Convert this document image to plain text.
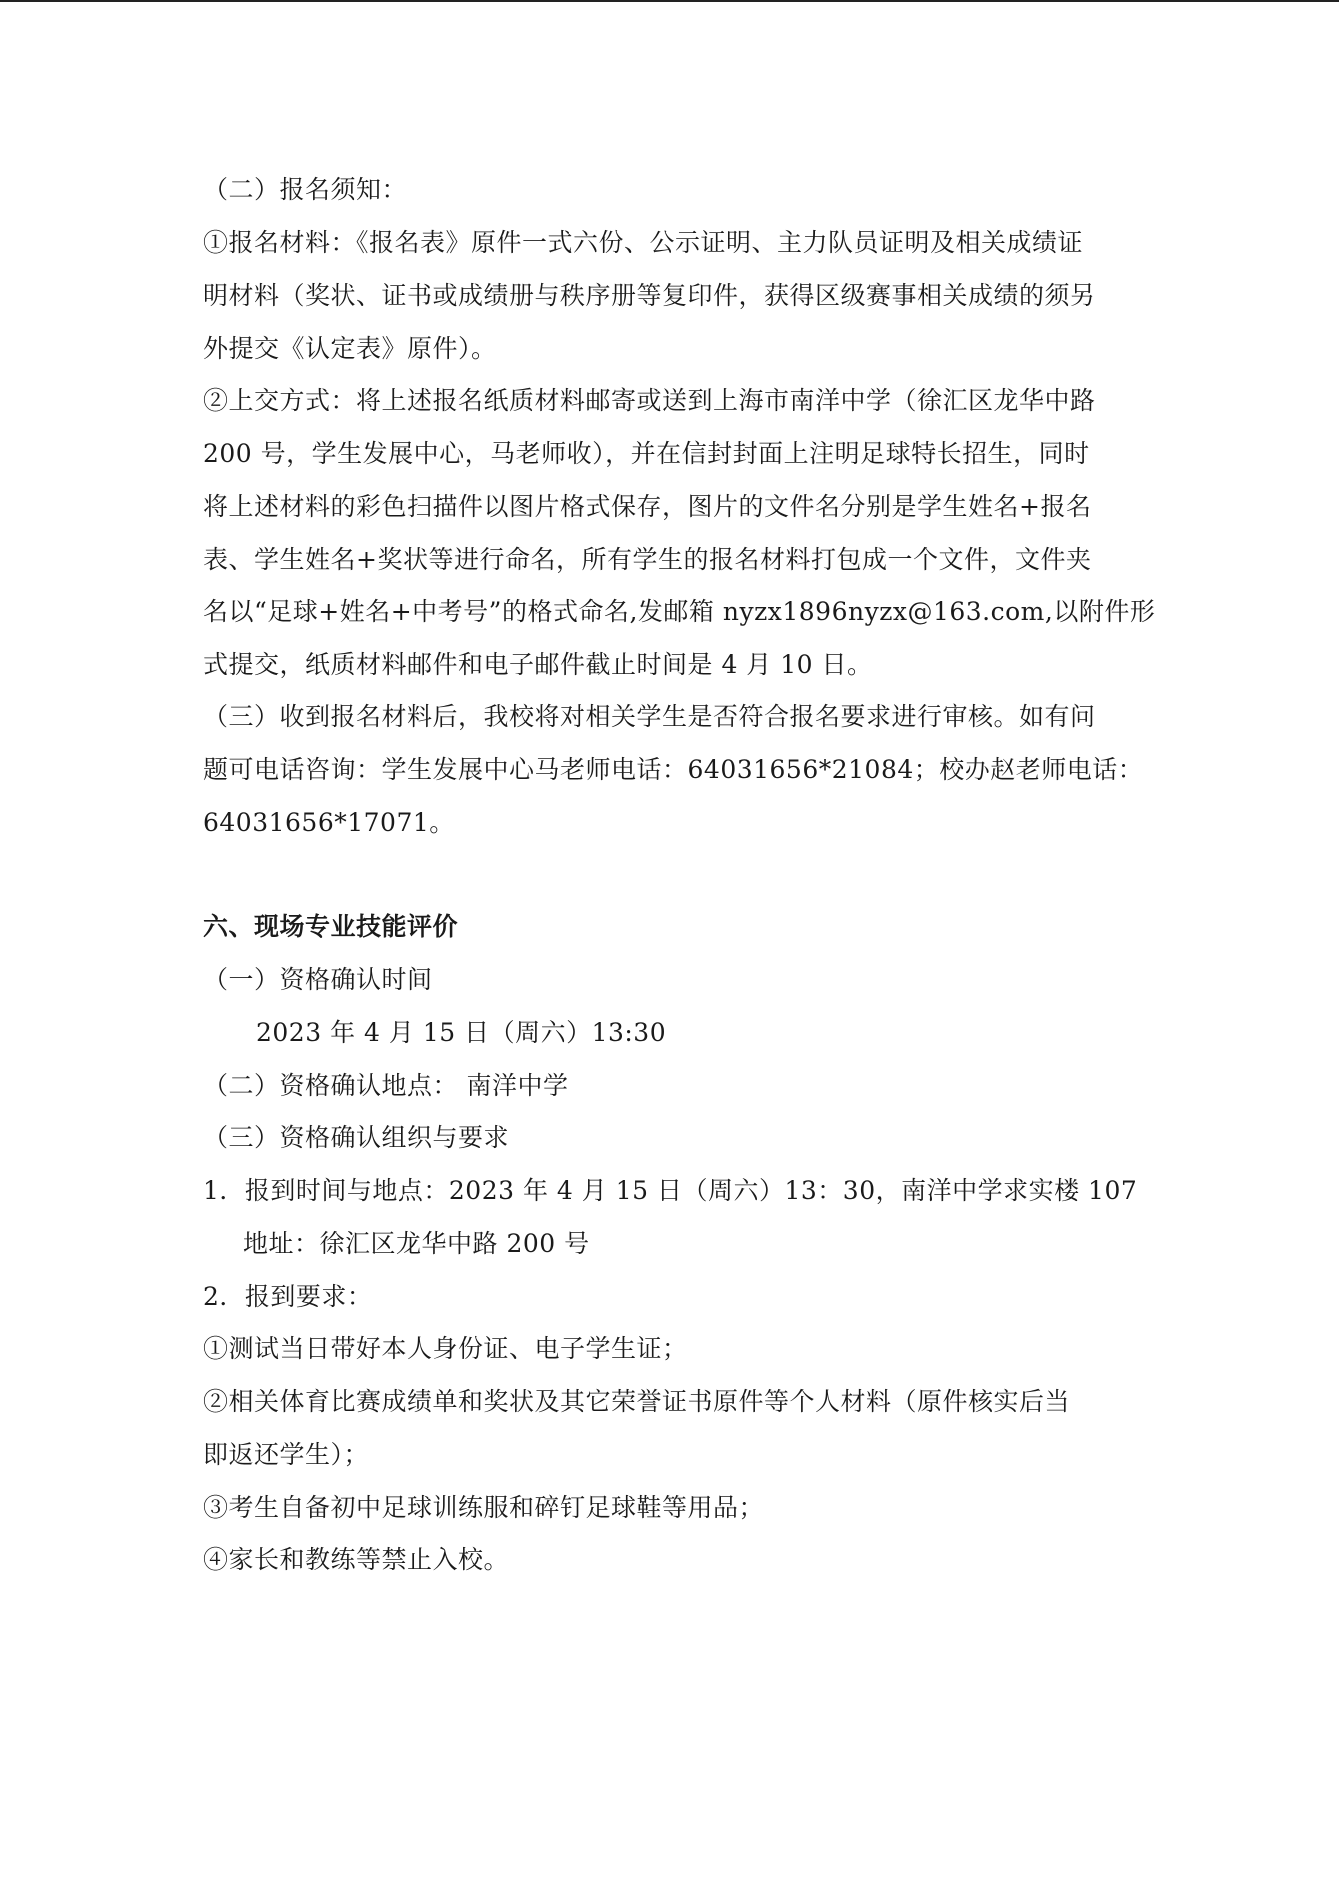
（二）报名须知：
①报名材料：《报名表》原件一式六份、公示证明、主力队员证明及相关成绩证
明材料（奖状、证书或成绩册与秩序册等复印件，获得区级赛事相关成绩的须另
外提交《认定表》原件）。
②上交方式：将上述报名纸质材料邮寄或送到上海市南洋中学（徐汇区龙华中路
200 号，学生发展中心，马老师收），并在信封封面上注明足球特长招生，同时
将上述材料的彩色扫描件以图片格式保存，图片的文件名分别是学生姓名+报名
表、学生姓名+奖状等进行命名，所有学生的报名材料打包成一个文件，文件夹
名以“足球+姓名+中考号”的格式命名,发邮箱 nyzx1896nyzx@163.com,以附件形
式提交，纸质材料邮件和电子邮件截止时间是 4 月 10 日。
（三）收到报名材料后，我校将对相关学生是否符合报名要求进行审核。如有问
题可电话咨询：学生发展中心马老师电话：64031656*21084；校办赵老师电话：
64031656*17071。
六、现场专业技能评价
（一）资格确认时间
2023 年 4 月 15 日（周六）13:30
（二）资格确认地点： 南洋中学
（三）资格确认组织与要求
1．报到时间与地点：2023 年 4 月 15 日（周六）13：30，南洋中学求实楼 107
地址：徐汇区龙华中路 200 号
2．报到要求：
①测试当日带好本人身份证、电子学生证；
②相关体育比赛成绩单和奖状及其它荣誉证书原件等个人材料（原件核实后当
即返还学生）；
③考生自备初中足球训练服和碎钉足球鞋等用品；
④家长和教练等禁止入校。
